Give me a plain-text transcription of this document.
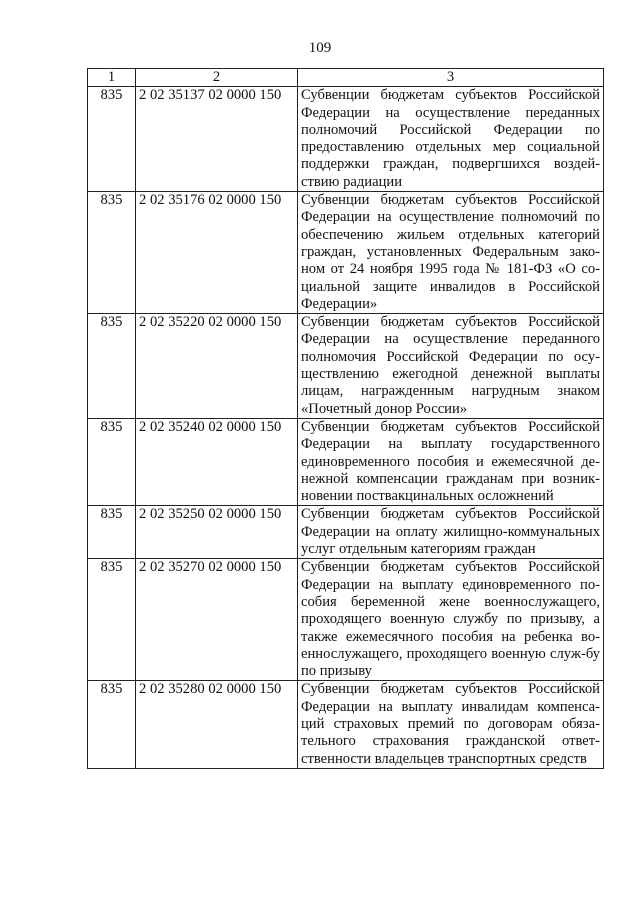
109
1	2	3
835	2 02 35137 02 0000 150	Субвенции бюджетам субъектов Российской Федерации на осуществление переданных полномочий Российской Федерации по предоставлению отдельных мер социальной поддержки граждан, подвергшихся воздей-ствию радиации
835	2 02 35176 02 0000 150	Субвенции бюджетам субъектов Российской Федерации на осуществление полномочий по обеспечению жильем отдельных категорий граждан, установленных Федеральным зако-ном от 24 ноября 1995 года № 181-ФЗ «О со-циальной защите инвалидов в Российской Федерации»
835	2 02 35220 02 0000 150	Субвенции бюджетам субъектов Российской Федерации на осуществление переданного полномочия Российской Федерации по осу-ществлению ежегодной денежной выплаты лицам, награжденным нагрудным знаком «Почетный донор России»
835	2 02 35240 02 0000 150	Субвенции бюджетам субъектов Российской Федерации на выплату государственного единовременного пособия и ежемесячной де-нежной компенсации гражданам при возник-новении поствакцинальных осложнений
835	2 02 35250 02 0000 150	Субвенции бюджетам субъектов Российской Федерации на оплату жилищно-коммунальных услуг отдельным категориям граждан
835	2 02 35270 02 0000 150	Субвенции бюджетам субъектов Российской Федерации на выплату единовременного по-собия беременной жене военнослужащего, проходящего военную службу по призыву, а также ежемесячного пособия на ребенка во-еннослужащего, проходящего военную служ-бу по призыву
835	2 02 35280 02 0000 150	Субвенции бюджетам субъектов Российской Федерации на выплату инвалидам компенса-ций страховых премий по договорам обяза-тельного страхования гражданской ответ-ственности владельцев транспортных средств
